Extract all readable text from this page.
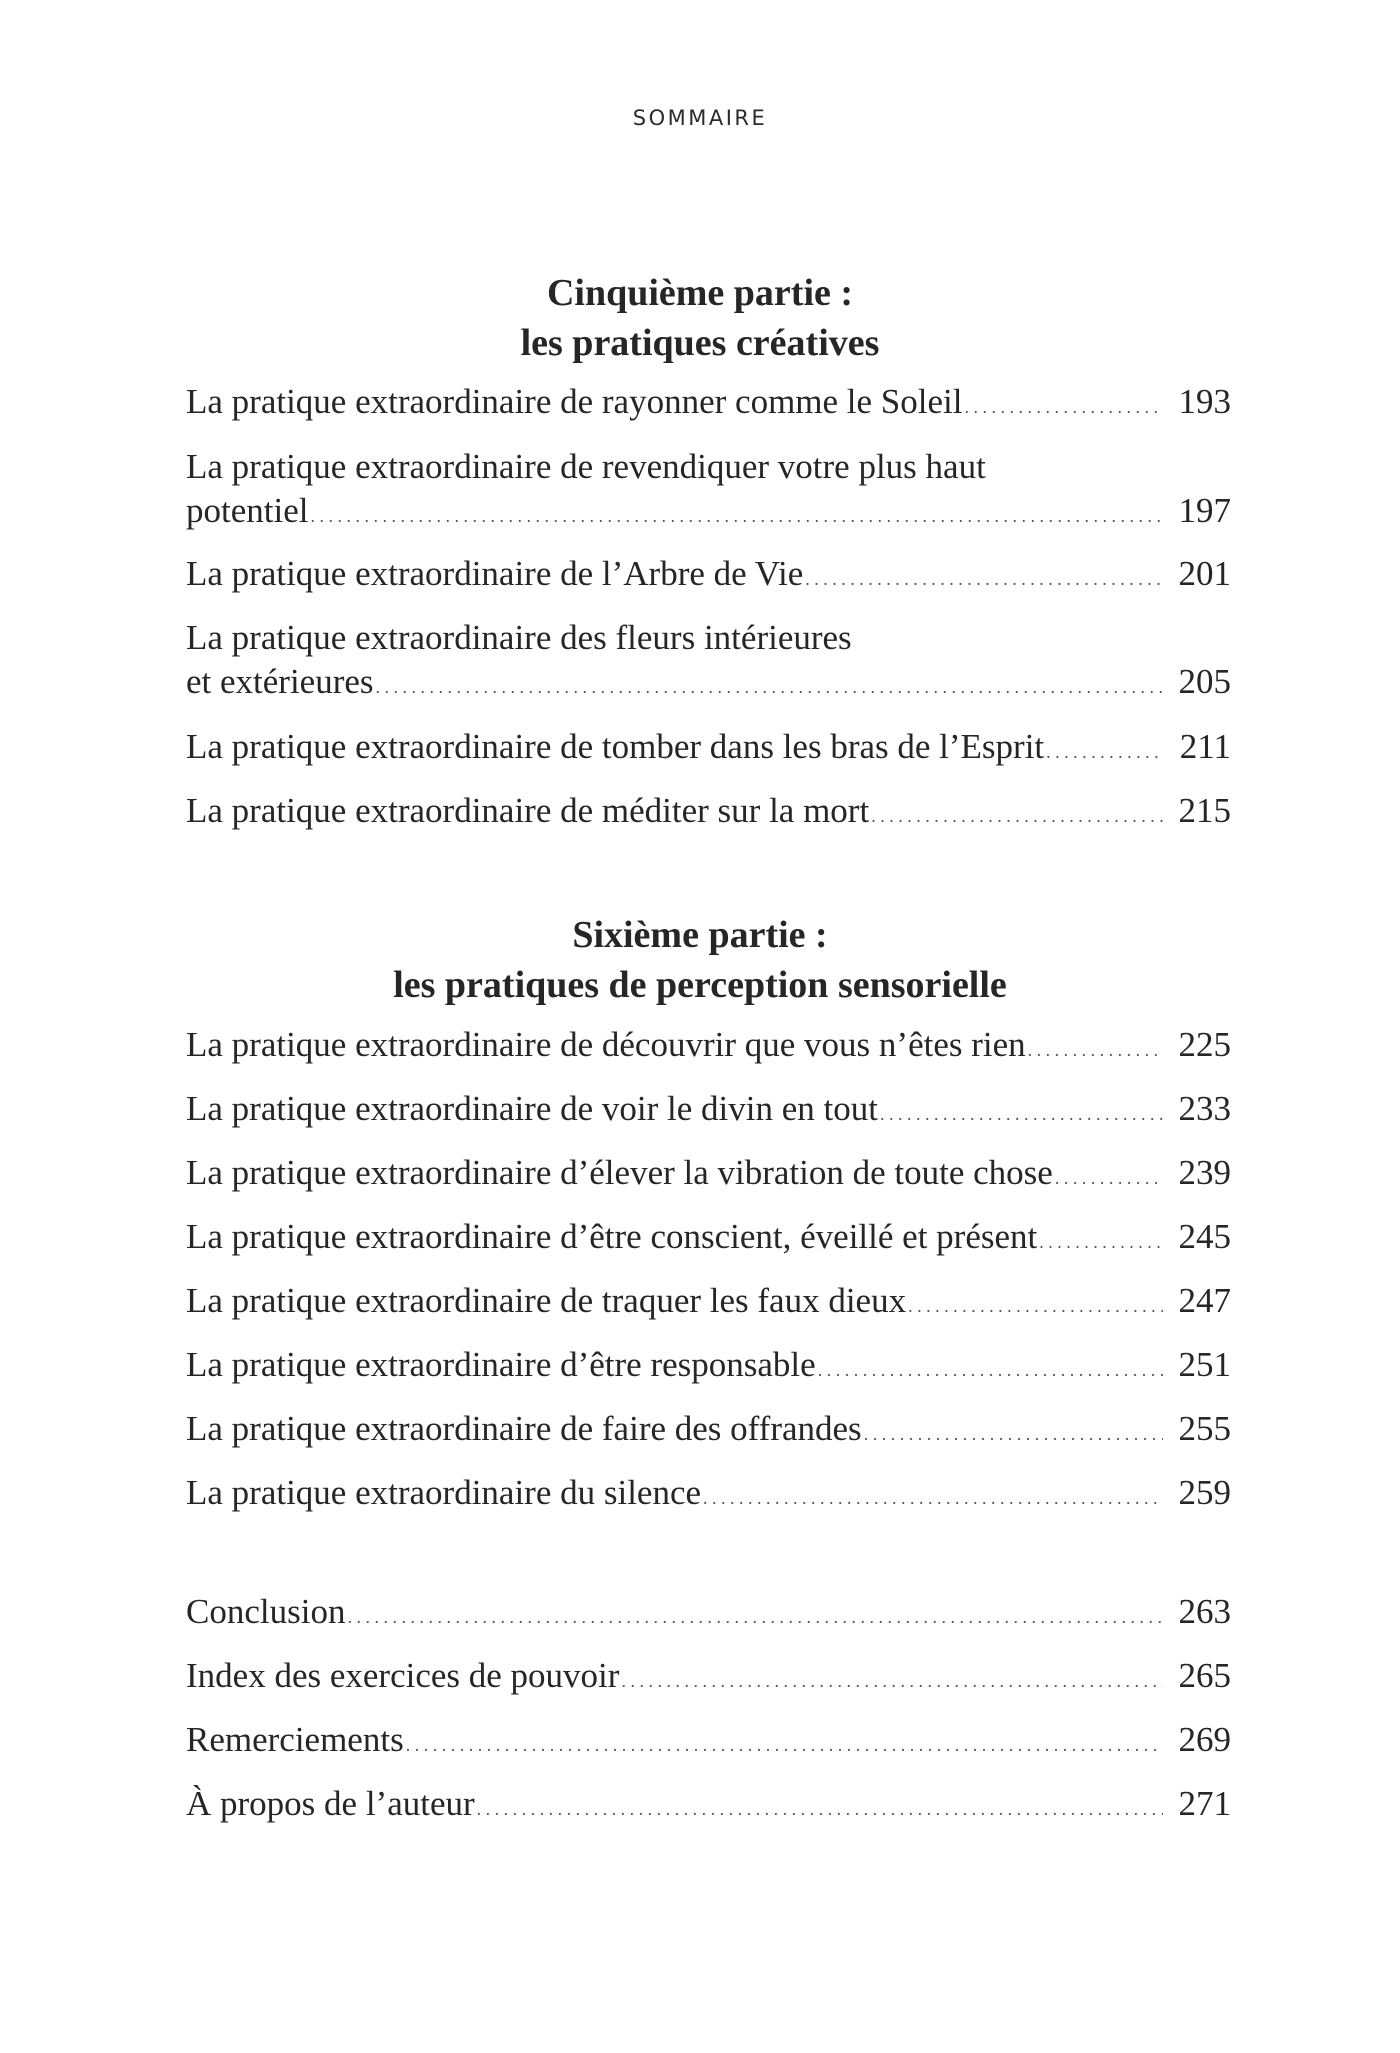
SOMMAIRE
Cinquième partie :
les pratiques créatives
La pratique extraordinaire de rayonner comme le Soleil . . .	193
La pratique extraordinaire de revendiquer votre plus haut
potentiel . . .	197
La pratique extraordinaire de l’Arbre de Vie . . .	201
La pratique extraordinaire des fleurs intérieures
et extérieures . . .	205
La pratique extraordinaire de tomber dans les bras de l’Esprit . . .	211
La pratique extraordinaire de méditer sur la mort . . .	215
Sixième partie :
les pratiques de perception sensorielle
La pratique extraordinaire de découvrir que vous n’êtes rien . . .	225
La pratique extraordinaire de voir le divin en tout . . .	233
La pratique extraordinaire d’élever la vibration de toute chose . . .	239
La pratique extraordinaire d’être conscient, éveillé et présent . . .	245
La pratique extraordinaire de traquer les faux dieux . . .	247
La pratique extraordinaire d’être responsable . . .	251
La pratique extraordinaire de faire des offrandes . . .	255
La pratique extraordinaire du silence . . .	259
Conclusion . . .	263
Index des exercices de pouvoir . . .	265
Remerciements . . .	269
À propos de l’auteur . . .	271
